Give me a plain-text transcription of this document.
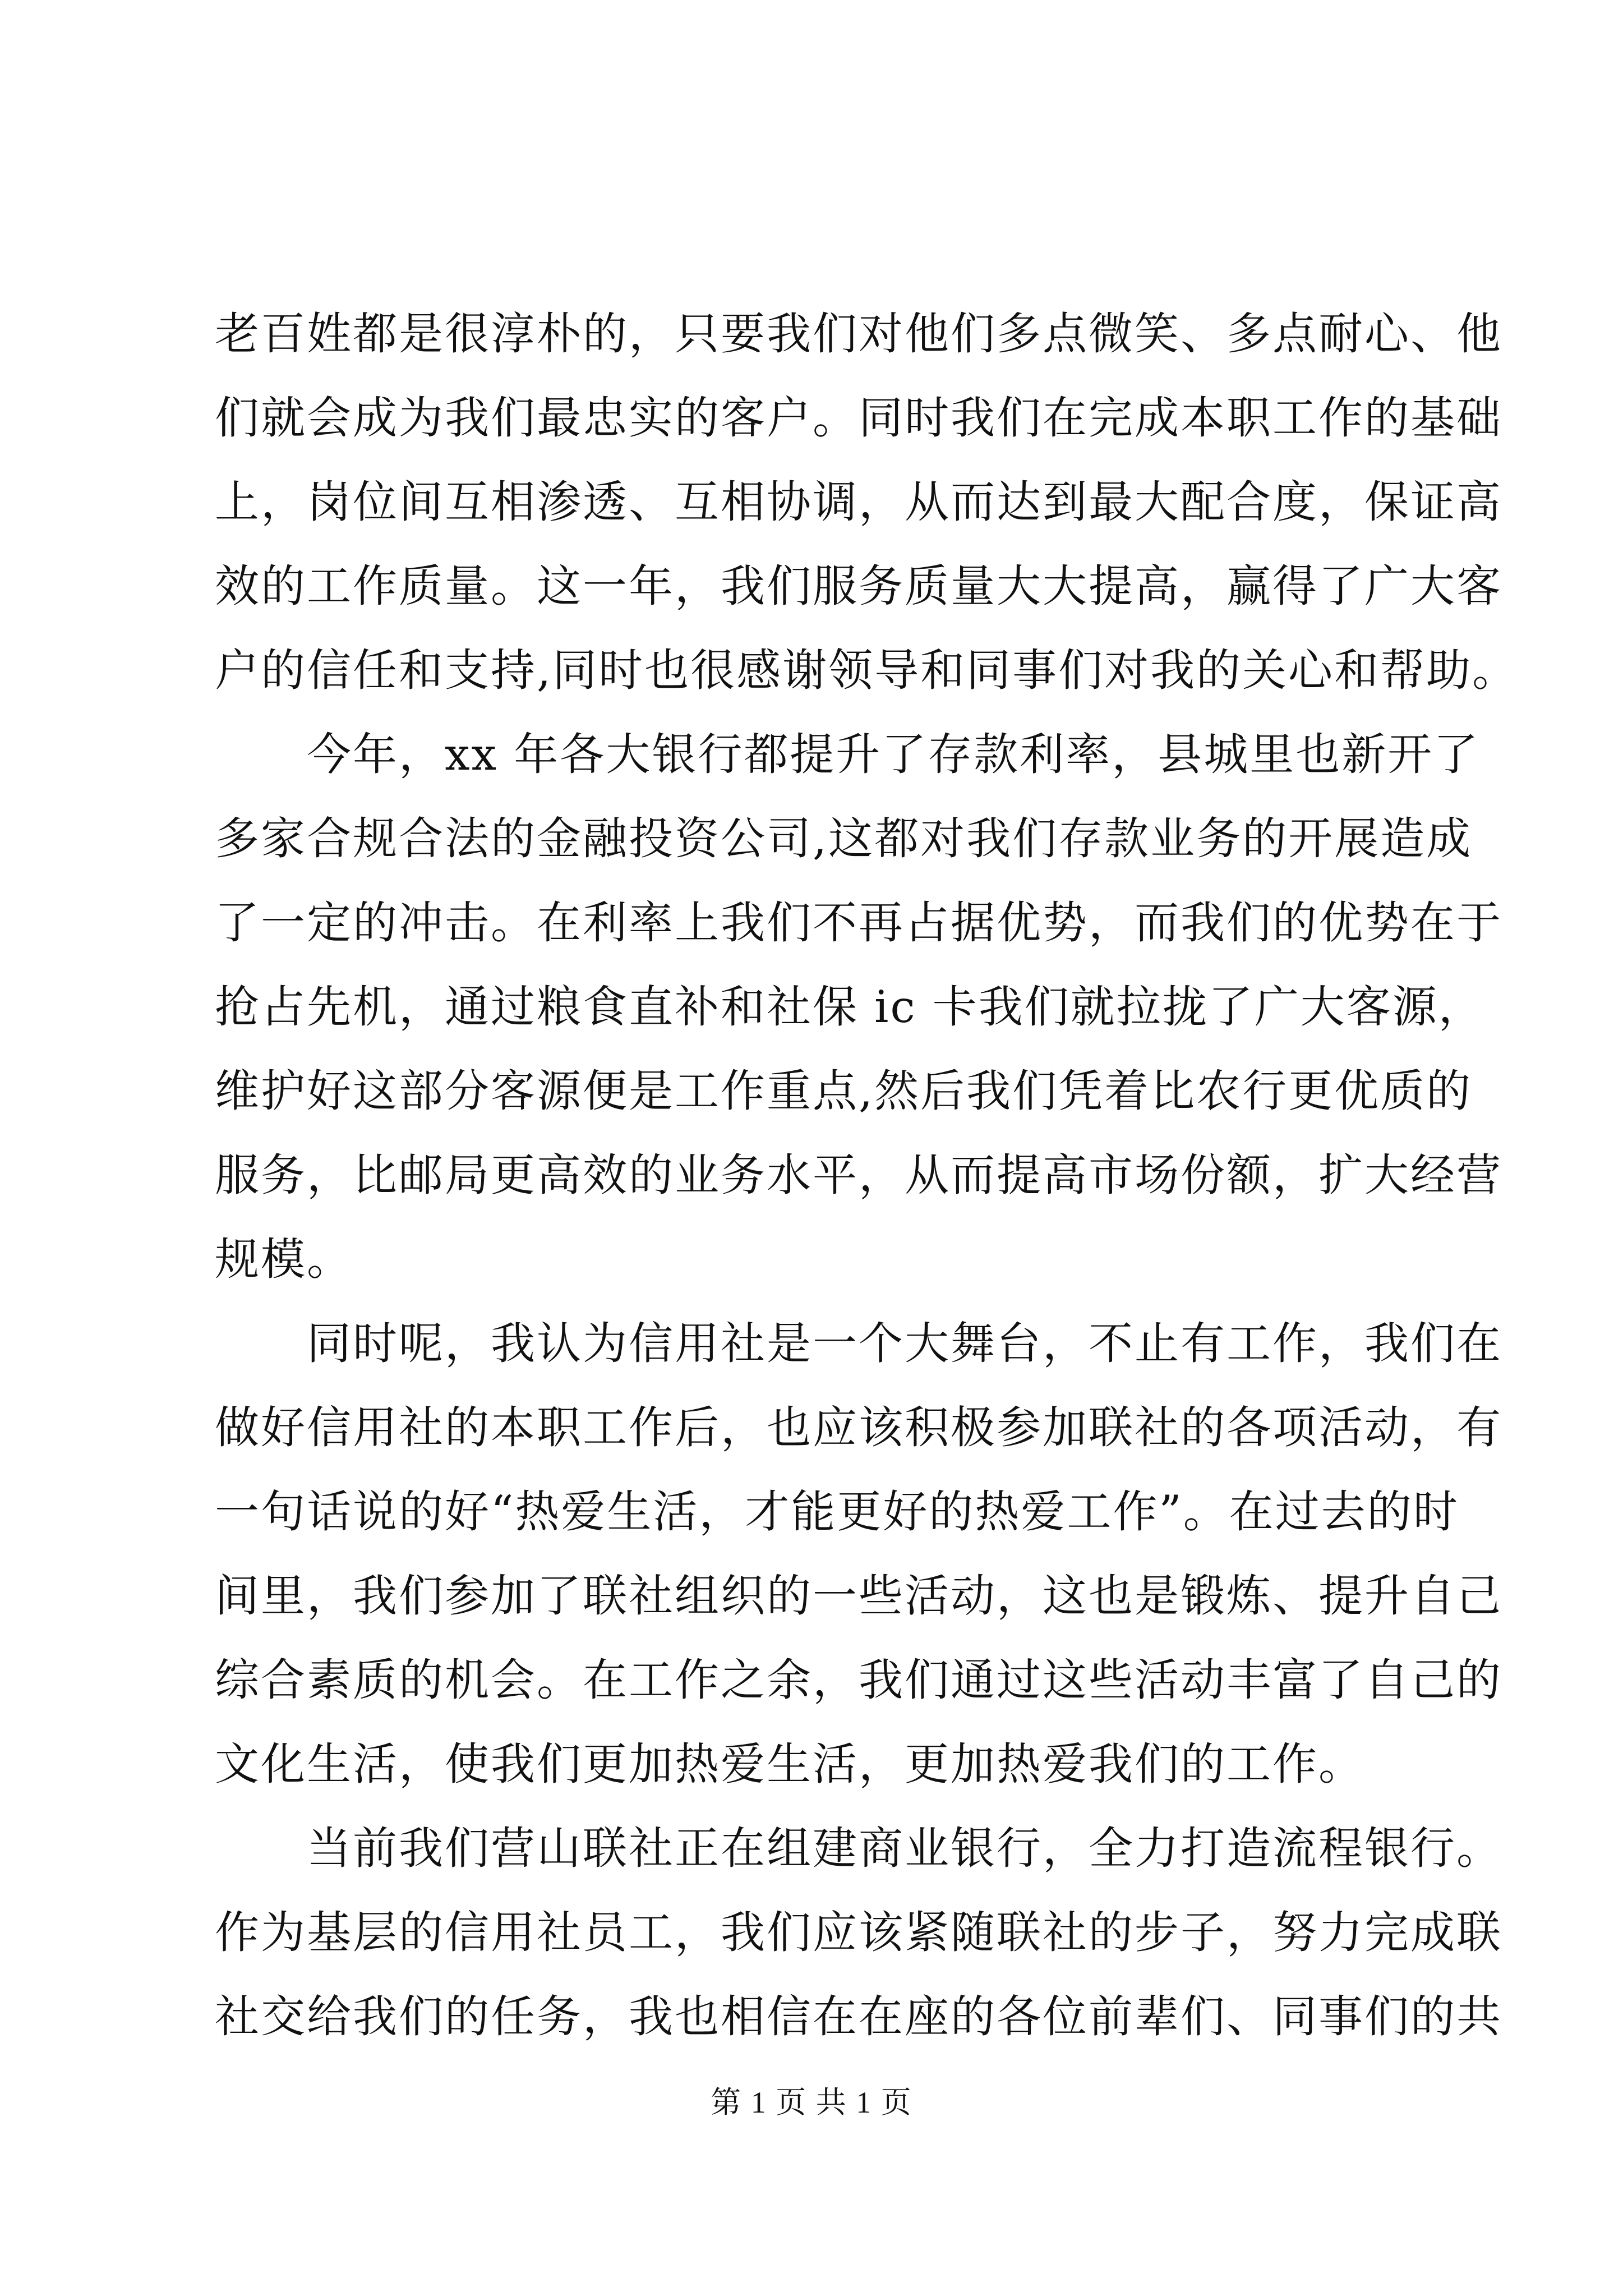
老百姓都是很淳朴的，只要我们对他们多点微笑、多点耐心、他
们就会成为我们最忠实的客户。同时我们在完成本职工作的基础
上，岗位间互相渗透、互相协调，从而达到最大配合度，保证高
效的工作质量。这一年，我们服务质量大大提高，赢得了广大客
户的信任和支持,同时也很感谢领导和同事们对我的关心和帮助。
　　今年，xx 年各大银行都提升了存款利率，县城里也新开了
多家合规合法的金融投资公司,这都对我们存款业务的开展造成
了一定的冲击。在利率上我们不再占据优势，而我们的优势在于
抢占先机，通过粮食直补和社保 ic 卡我们就拉拢了广大客源，
维护好这部分客源便是工作重点,然后我们凭着比农行更优质的
服务，比邮局更高效的业务水平，从而提高市场份额，扩大经营
规模。
　　同时呢，我认为信用社是一个大舞台，不止有工作，我们在
做好信用社的本职工作后，也应该积极参加联社的各项活动，有
一句话说的好“热爱生活，才能更好的热爱工作”。在过去的时
间里，我们参加了联社组织的一些活动，这也是锻炼、提升自己
综合素质的机会。在工作之余，我们通过这些活动丰富了自己的
文化生活，使我们更加热爱生活，更加热爱我们的工作。
　　当前我们营山联社正在组建商业银行，全力打造流程银行。
作为基层的信用社员工，我们应该紧随联社的步子，努力完成联
社交给我们的任务，我也相信在在座的各位前辈们、同事们的共
第 1 页 共 1 页
